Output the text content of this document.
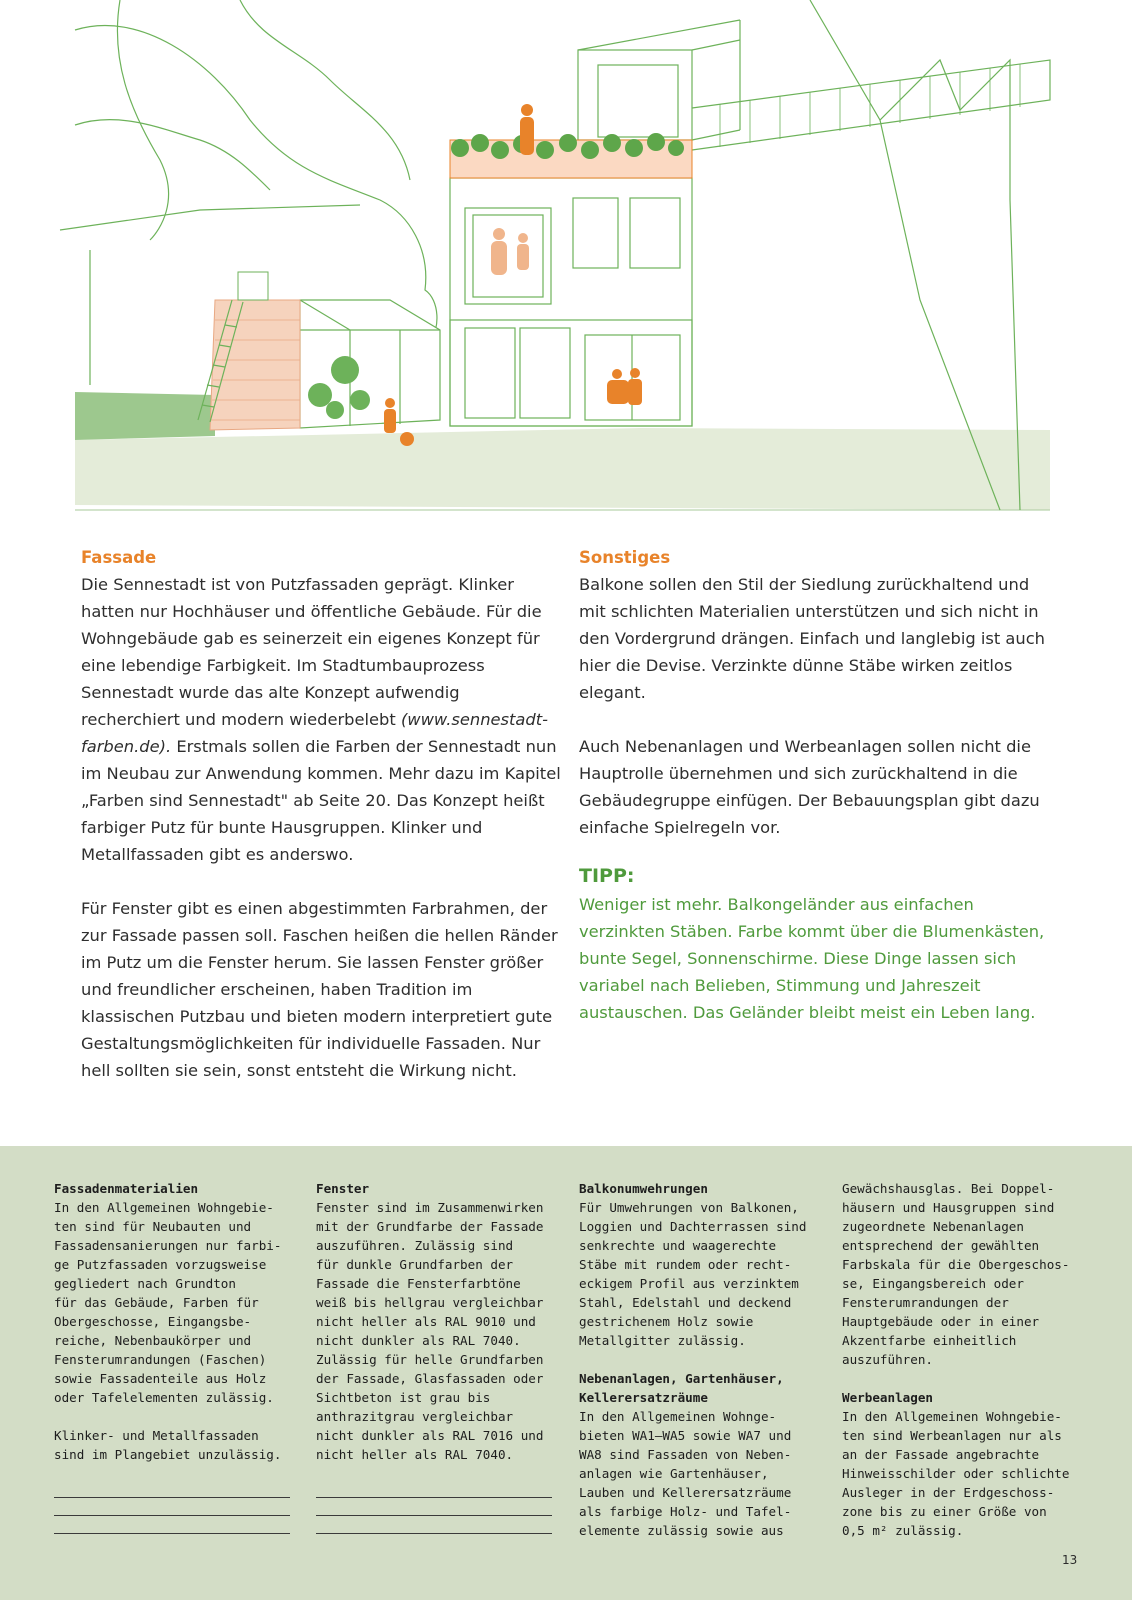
Fassade

Die Sennestadt ist von Putzfassaden geprägt. Klinker hatten nur Hochhäuser und öffentliche Gebäude. Für die Wohngebäude gab es seinerzeit ein eigenes Konzept für eine lebendige Farbigkeit. Im Stadtumbauprozess Sennestadt wurde das alte Konzept aufwendig recherchiert und modern wiederbelebt (www.sennestadt-farben.de). Erstmals sollen die Farben der Sennestadt nun im Neubau zur Anwendung kommen. Mehr dazu im Kapitel „Farben sind Sennestadt" ab Seite 20. Das Konzept heißt farbiger Putz für bunte Hausgruppen. Klinker und Metallfassaden gibt es anderswo.

Für Fenster gibt es einen abgestimmten Farbrahmen, der zur Fassade passen soll. Faschen heißen die hellen Ränder im Putz um die Fenster herum. Sie lassen Fenster größer und freundlicher erscheinen, haben Tradition im klassischen Putzbau und bieten modern interpretiert gute Gestaltungsmöglichkeiten für individuelle Fassaden. Nur hell sollten sie sein, sonst entsteht die Wirkung nicht.

Sonstiges

Balkone sollen den Stil der Siedlung zurückhaltend und mit schlichten Materialien unterstützen und sich nicht in den Vordergrund drängen. Einfach und langlebig ist auch hier die Devise. Verzinkte dünne Stäbe wirken zeitlos elegant.

Auch Nebenanlagen und Werbeanlagen sollen nicht die Hauptrolle übernehmen und sich zurückhaltend in die Gebäudegruppe einfügen. Der Bebauungsplan gibt dazu einfache Spielregeln vor.

TIPP:

Weniger ist mehr. Balkongeländer aus einfachen verzinkten Stäben. Farbe kommt über die Blumenkästen, bunte Segel, Sonnenschirme. Diese Dinge lassen sich variabel nach Belieben, Stimmung und Jahreszeit austauschen. Das Geländer bleibt meist ein Leben lang.

Fassadenmaterialien

In den Allgemeinen Wohngebie-
ten sind für Neubauten und
Fassadensanierungen nur farbi-
ge Putzfassaden vorzugsweise
gegliedert nach Grundton
für das Gebäude, Farben für
Obergeschosse, Eingangsbe-
reiche, Nebenbaukörper und
Fensterumrandungen (Faschen)
sowie Fassadenteile aus Holz
oder Tafelelementen zulässig.

Klinker- und Metallfassaden
sind im Plangebiet unzulässig.

Fenster

Fenster sind im Zusammenwirken
mit der Grundfarbe der Fassade
auszuführen. Zulässig sind
für dunkle Grundfarben der
Fassade die Fensterfarbtöne
weiß bis hellgrau vergleichbar
nicht heller als RAL 9010 und
nicht dunkler als RAL 7040.
Zulässig für helle Grundfarben
der Fassade, Glasfassaden oder
Sichtbeton ist grau bis
anthrazitgrau vergleichbar
nicht dunkler als RAL 7016 und
nicht heller als RAL 7040.

Balkonumwehrungen

Für Umwehrungen von Balkonen,
Loggien und Dachterrassen sind
senkrechte und waagerechte
Stäbe mit rundem oder recht-
eckigem Profil aus verzinktem
Stahl, Edelstahl und deckend
gestrichenem Holz sowie
Metallgitter zulässig.

Nebenanlagen, Gartenhäuser,
Kellerersatzräume

In den Allgemeinen Wohnge-
bieten WA1–WA5 sowie WA7 und
WA8 sind Fassaden von Neben-
anlagen wie Gartenhäuser,
Lauben und Kellerersatzräume
als farbige Holz- und Tafel-
elemente zulässig sowie aus

Gewächshausglas. Bei Doppel-
häusern und Hausgruppen sind
zugeordnete Nebenanlagen
entsprechend der gewählten
Farbskala für die Obergeschos-
se, Eingangsbereich oder
Fensterumrandungen der
Hauptgebäude oder in einer
Akzentfarbe einheitlich
auszuführen.

Werbeanlagen

In den Allgemeinen Wohngebie-
ten sind Werbeanlagen nur als
an der Fassade angebrachte
Hinweisschilder oder schlichte
Ausleger in der Erdgeschoss-
zone bis zu einer Größe von
0,5 m² zulässig.

13
